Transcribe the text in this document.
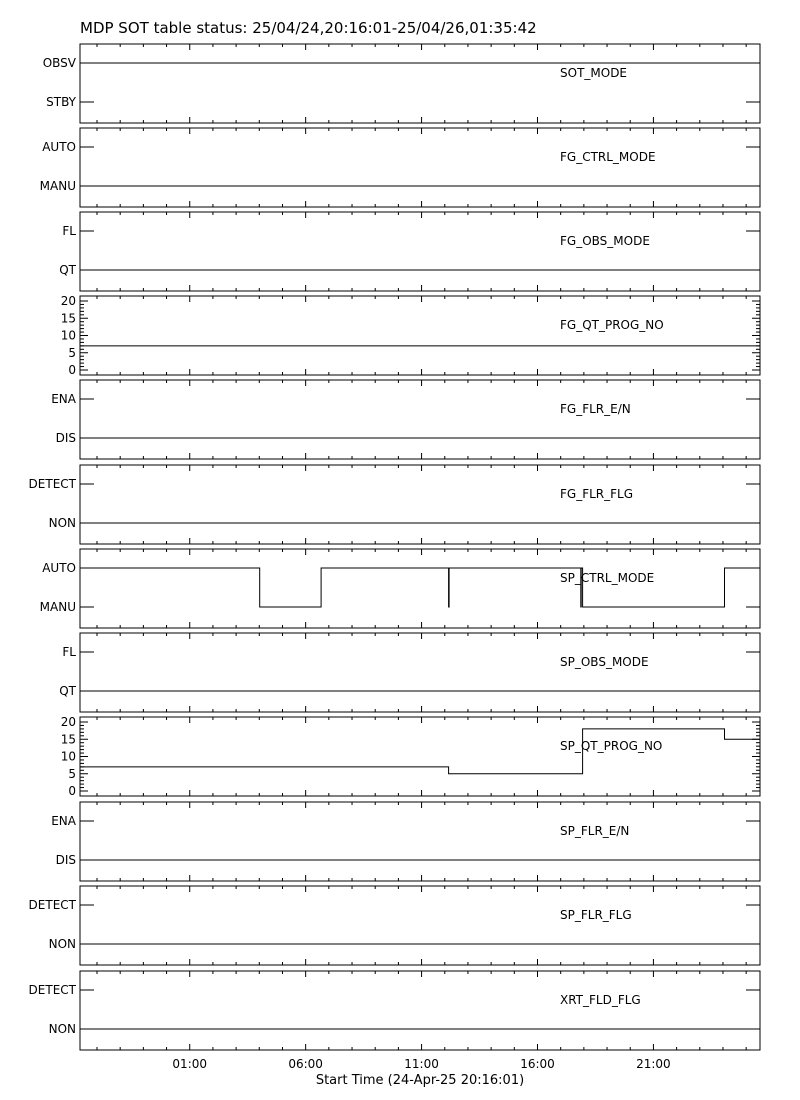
MDP SOT table status: 25/04/24,20:16:01-25/04/26,01:35:42
OBSV
STBY
SOT_MODE
AUTO
MANU
FG_CTRL_MODE
FL
QT
FG_OBS_MODE
0
5
10
15
20
FG_QT_PROG_NO
ENA
DIS
FG_FLR_E/N
DETECT
NON
FG_FLR_FLG
AUTO
MANU
SP_CTRL_MODE
FL
QT
SP_OBS_MODE
0
5
10
15
20
SP_QT_PROG_NO
ENA
DIS
SP_FLR_E/N
DETECT
NON
SP_FLR_FLG
DETECT
NON
XRT_FLD_FLG
01:00	06:00	11:00	16:00	21:00
Start Time (24-Apr-25 20:16:01)
